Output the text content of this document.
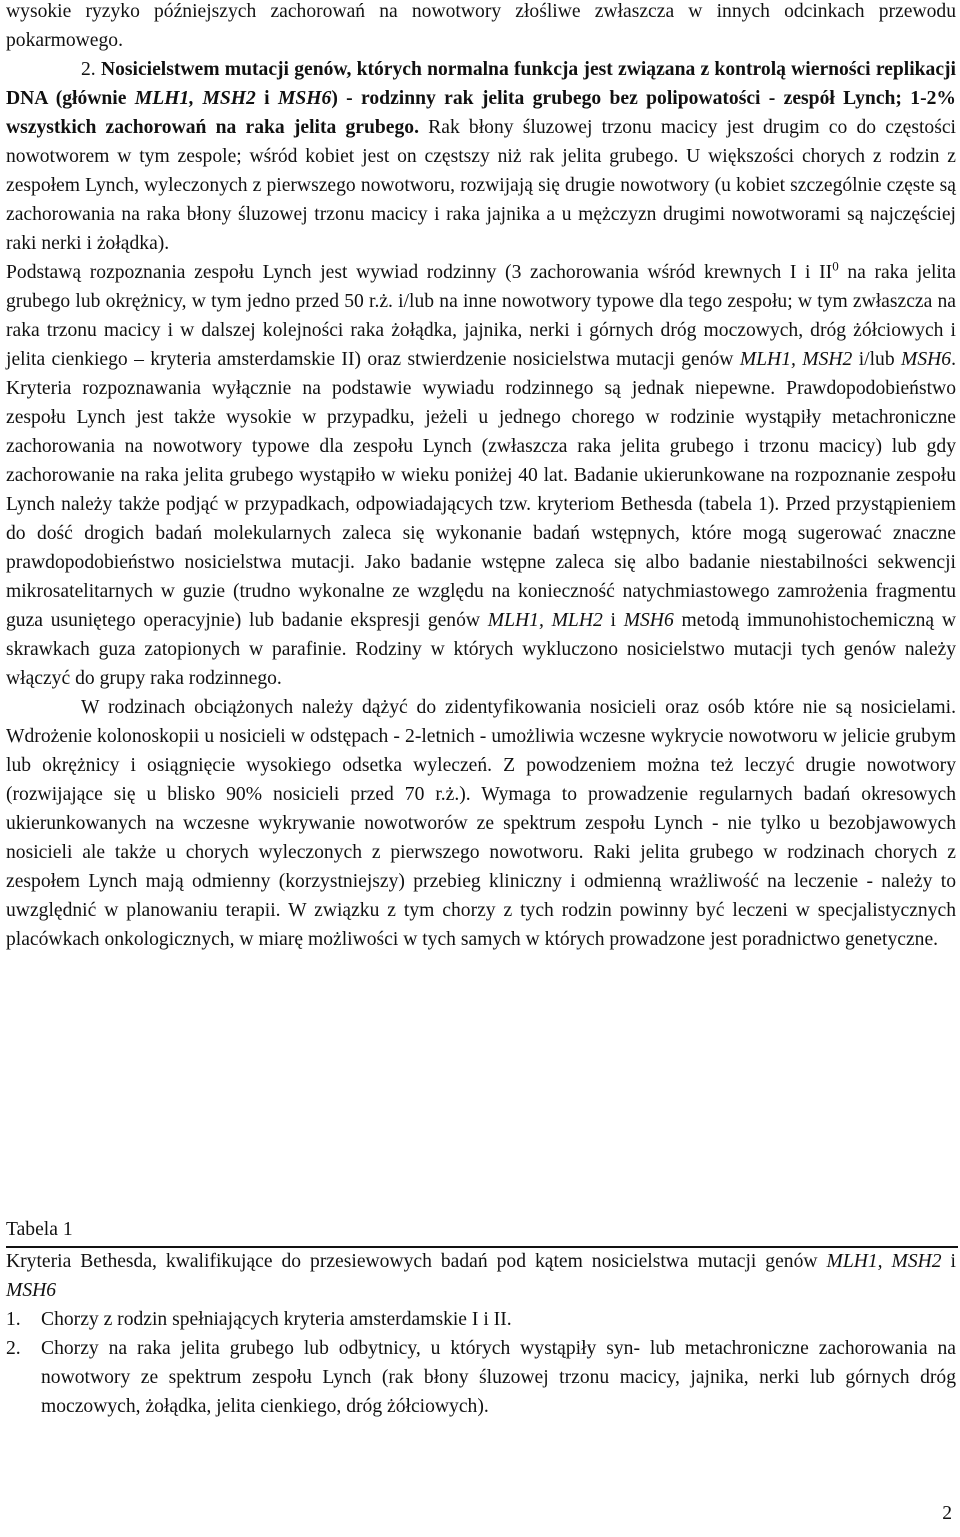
wysokie ryzyko późniejszych zachorowań na nowotwory złośliwe zwłaszcza w innych odcinkach przewodu pokarmowego.

2. Nosicielstwem mutacji genów, których normalna funkcja jest związana z kontrolą wierności replikacji DNA (głównie MLH1, MSH2 i MSH6) - rodzinny rak jelita grubego bez polipowatości - zespół Lynch; 1-2% wszystkich zachorowań na raka jelita grubego. Rak błony śluzowej trzonu macicy jest drugim co do częstości nowotworem w tym zespole; wśród kobiet jest on częstszy niż rak jelita grubego. U większości chorych z rodzin z zespołem Lynch, wyleczonych z pierwszego nowotworu, rozwijają się drugie nowotwory (u kobiet szczególnie częste są zachorowania na raka błony śluzowej trzonu macicy i raka jajnika a u mężczyzn drugimi nowotworami są najczęściej raki nerki i żołądka).

Podstawą rozpoznania zespołu Lynch jest wywiad rodzinny (3 zachorowania wśród krewnych I i $II^0$ na raka jelita grubego lub okrężnicy, w tym jedno przed 50 r.ż. i/lub na inne nowotwory typowe dla tego zespołu; w tym zwłaszcza na raka trzonu macicy i w dalszej kolejności raka żołądka, jajnika, nerki i górnych dróg moczowych, dróg żółciowych i jelita cienkiego – kryteria amsterdamskie II) oraz stwierdzenie nosicielstwa mutacji genów MLH1, MSH2 i/lub MSH6. Kryteria rozpoznawania wyłącznie na podstawie wywiadu rodzinnego są jednak niepewne. Prawdopodobieństwo zespołu Lynch jest także wysokie w przypadku, jeżeli u jednego chorego w rodzinie wystąpiły metachroniczne zachorowania na nowotwory typowe dla zespołu Lynch (zwłaszcza raka jelita grubego i trzonu macicy) lub gdy zachorowanie na raka jelita grubego wystąpiło w wieku poniżej 40 lat. Badanie ukierunkowane na rozpoznanie zespołu Lynch należy także podjąć w przypadkach, odpowiadających tzw. kryteriom Bethesda (tabela 1). Przed przystąpieniem do dość drogich badań molekularnych zaleca się wykonanie badań wstępnych, które mogą sugerować znaczne prawdopodobieństwo nosicielstwa mutacji. Jako badanie wstępne zaleca się albo badanie niestabilności sekwencji mikrosatelitarnych w guzie (trudno wykonalne ze względu na konieczność natychmiastowego zamrożenia fragmentu guza usuniętego operacyjnie) lub badanie ekspresji genów MLH1, MLH2 i MSH6 metodą immunohistochemiczną w skrawkach guza zatopionych w parafinie. Rodziny w których wykluczono nosicielstwo mutacji tych genów należy włączyć do grupy raka rodzinnego.

W rodzinach obciążonych należy dążyć do zidentyfikowania nosicieli oraz osób które nie są nosicielami. Wdrożenie kolonoskopii u nosicieli w odstępach - 2-letnich - umożliwia wczesne wykrycie nowotworu w jelicie grubym lub okrężnicy i osiągnięcie wysokiego odsetka wyleczeń. Z powodzeniem można też leczyć drugie nowotwory (rozwijające się u blisko 90% nosicieli przed 70 r.ż.). Wymaga to prowadzenie regularnych badań okresowych ukierunkowanych na wczesne wykrywanie nowotworów ze spektrum zespołu Lynch - nie tylko u bezobjawowych nosicieli ale także u chorych wyleczonych z pierwszego nowotworu. Raki jelita grubego w rodzinach chorych z zespołem Lynch mają odmienny (korzystniejszy) przebieg kliniczny i odmienną wrażliwość na leczenie - należy to uwzględnić w planowaniu terapii. W związku z tym chorzy z tych rodzin powinny być leczeni w specjalistycznych placówkach onkologicznych, w miarę możliwości w tych samych w których prowadzone jest poradnictwo genetyczne.

Tabela 1

Kryteria Bethesda, kwalifikujące do przesiewowych badań pod kątem nosicielstwa mutacji genów MLH1, MSH2 i MSH6

1.	Chorzy z rodzin spełniających kryteria amsterdamskie I i II.
2.	Chorzy na raka jelita grubego lub odbytnicy, u których wystąpiły syn- lub metachroniczne zachorowania na nowotwory ze spektrum zespołu Lynch (rak błony śluzowej trzonu macicy, jajnika, nerki lub górnych dróg moczowych, żołądka, jelita cienkiego, dróg żółciowych).
2
